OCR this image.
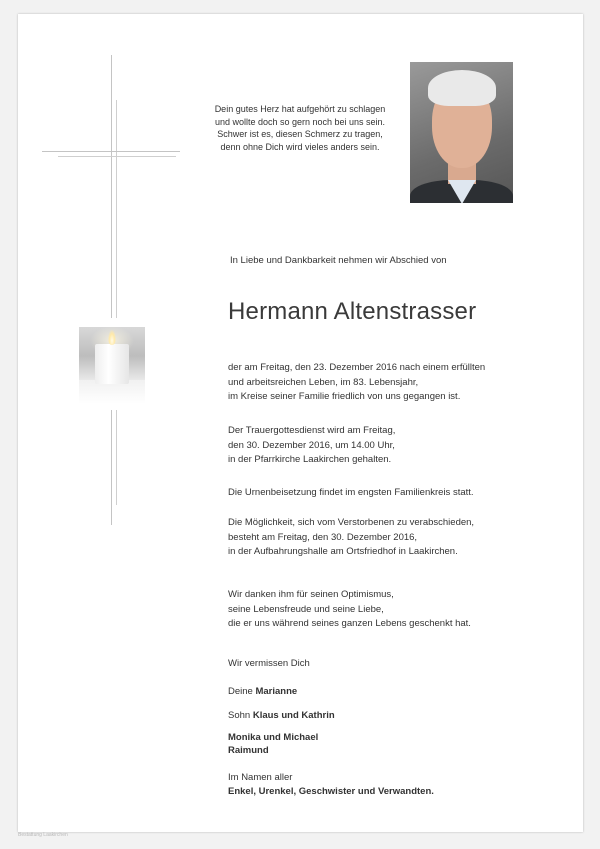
Dein gutes Herz hat aufgehört zu schlagen
und wolltе doch so gern noch bei uns sein.
Schwer ist es, diesen Schmerz zu tragen,
denn ohne Dich wird vieles anders sein.

In Liebe und Dankbarkeit nehmen wir Abschied von

Hermann Altenstrasser
der am Freitag, den 23. Dezember 2016 nach einem erfüllten
und arbeitsreichen Leben, im 83. Lebensjahr,
im Kreise seiner Familie friedlich von uns gegangen ist.
Der Trauergottesdienst wird am Freitag,
den 30. Dezember 2016, um 14.00 Uhr,
in der Pfarrkirche Laakirchen gehalten.
Die Urnenbeisetzung findet im engsten Familienkreis statt.
Die Möglichkeit, sich vom Verstorbenen zu verabschieden,
besteht am Freitag, den 30. Dezember 2016,
in der Aufbahrungshalle am Ortsfriedhof in Laakirchen.
Wir danken ihm für seinen Optimismus,
seine Lebensfreude und seine Liebe,
die er uns während seines ganzen Lebens geschenkt hat.

Wir vermissen Dich

Deine Marianne

Sohn Klaus und Kathrin

Monika und Michael

Raimund

Im Namen aller

Enkel, Urenkel, Geschwister und Verwandten.

Bestattung Laakirchen
